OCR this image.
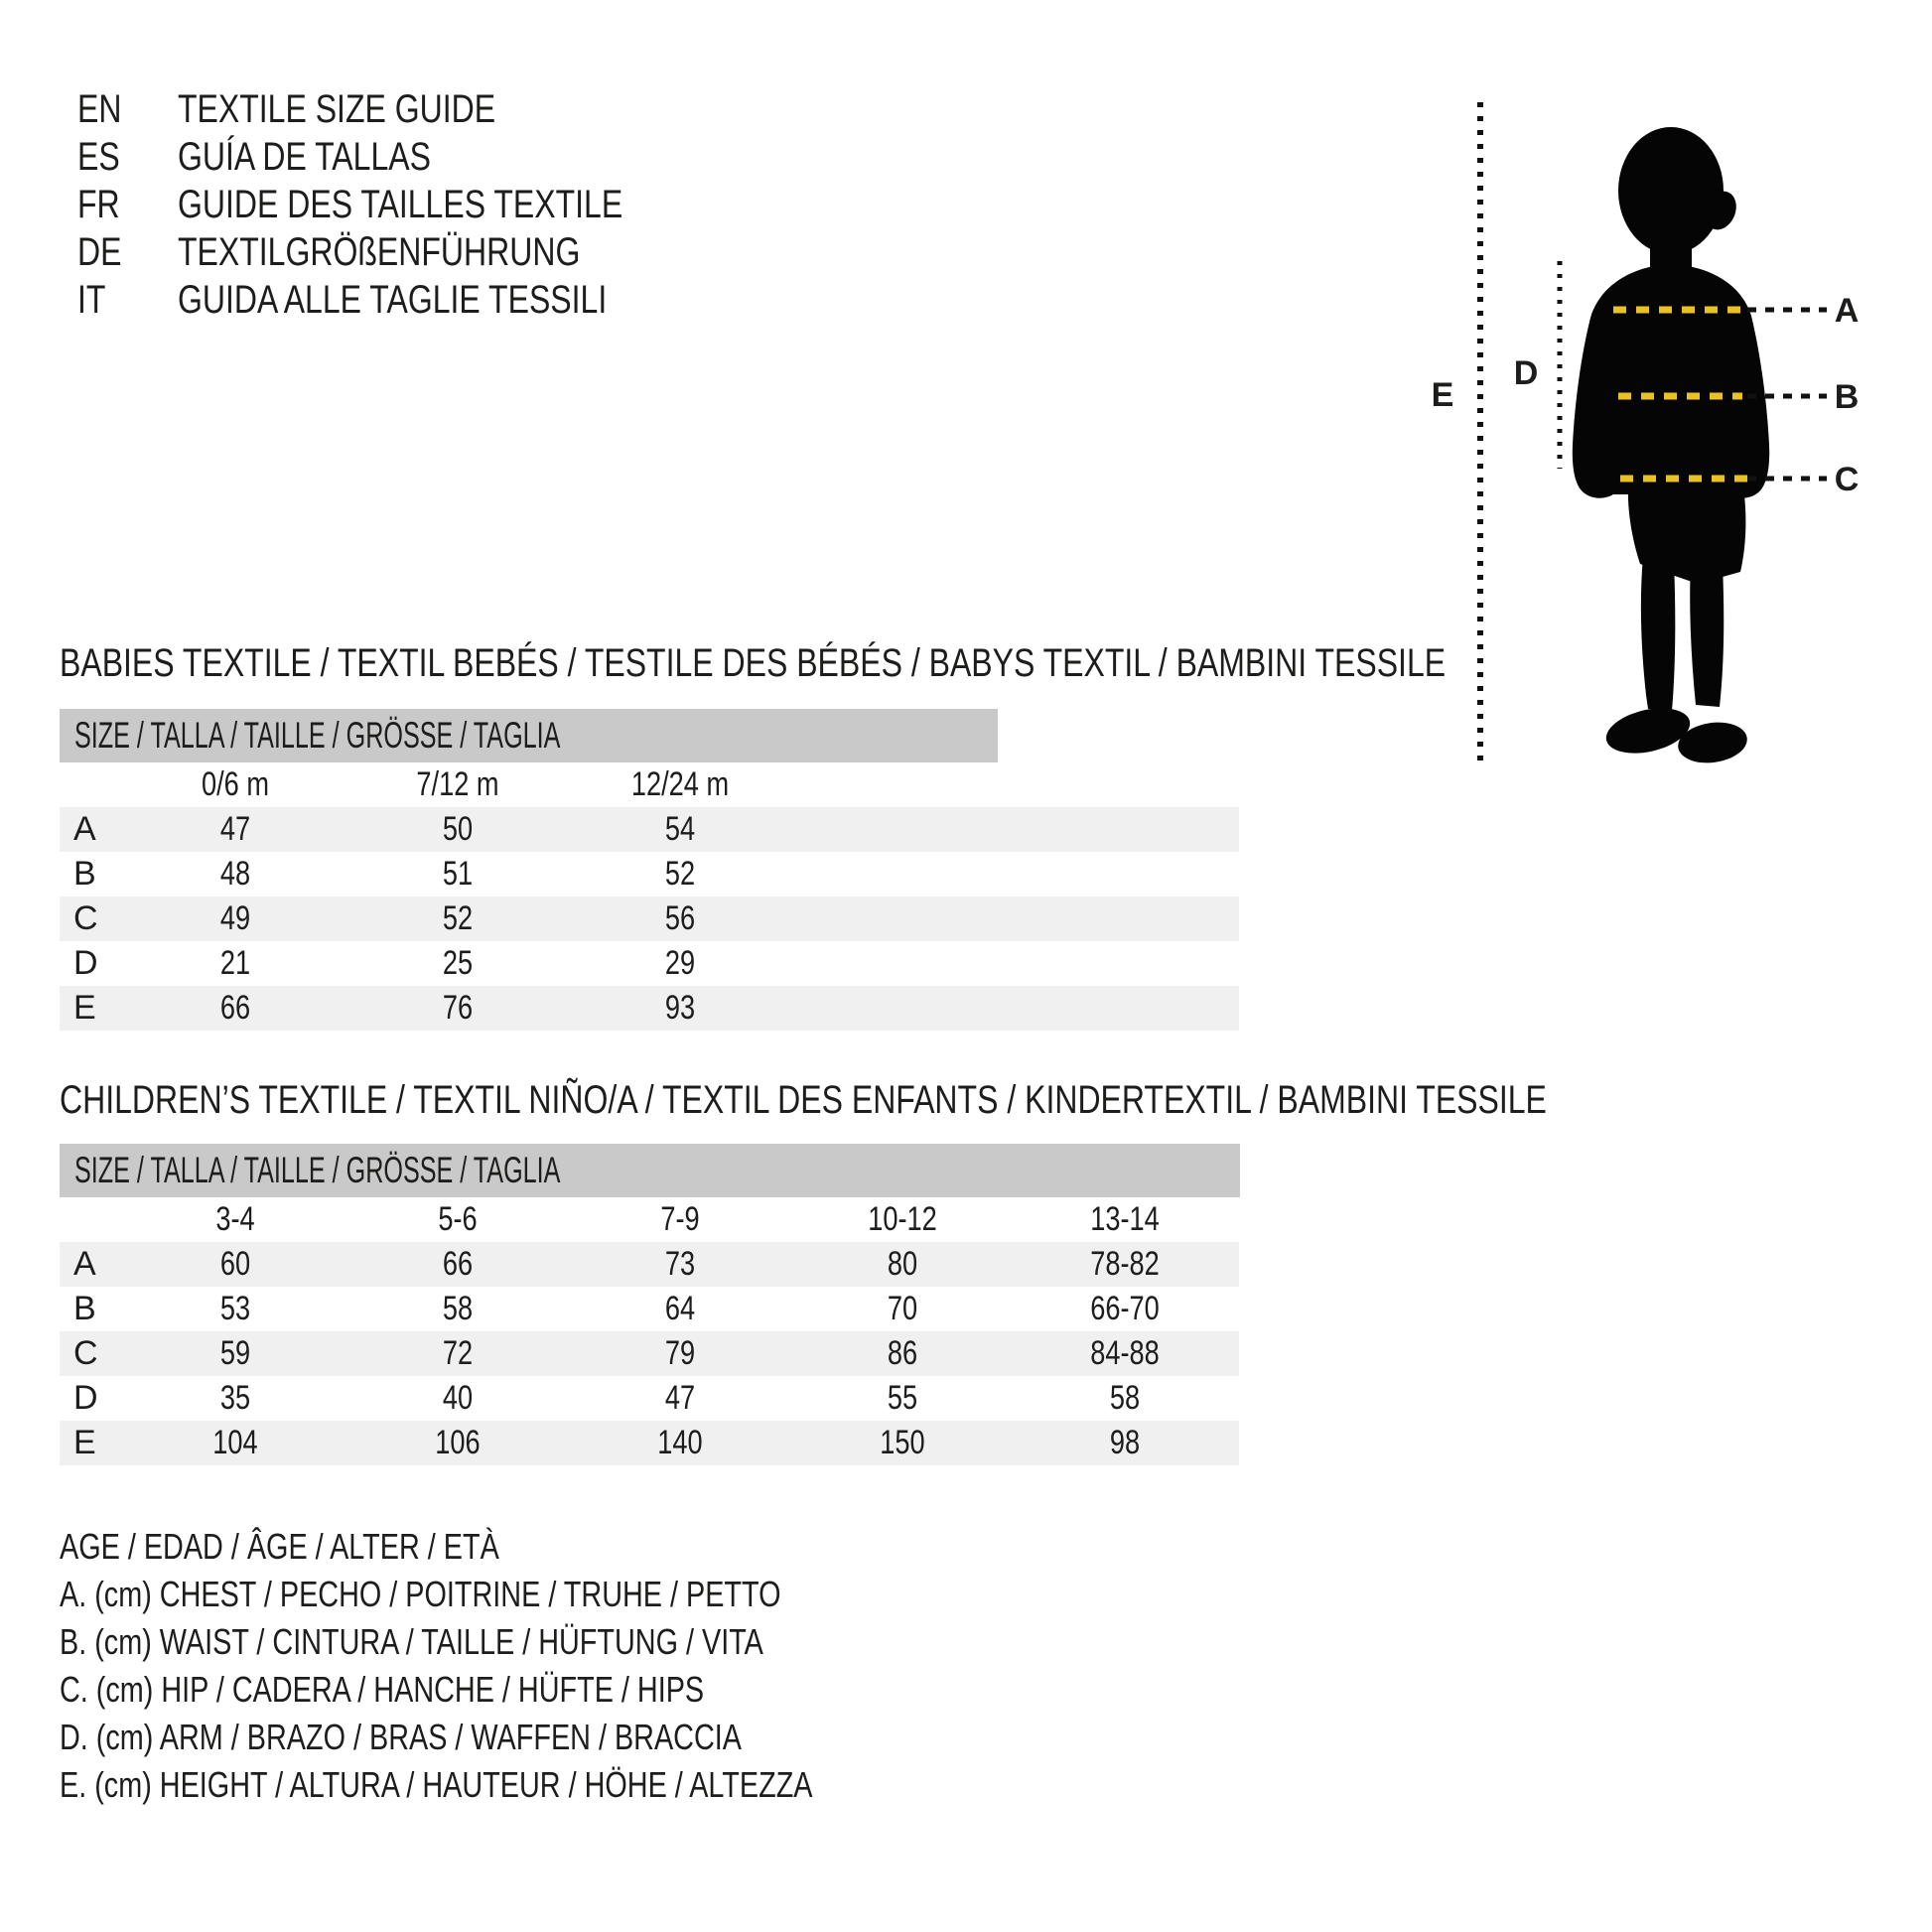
EN TEXTILE SIZE GUIDE
ES GUÍA DE TALLAS
FR GUIDE DES TAILLES TEXTILE
DE TEXTILGRÖßENFÜHRUNG
IT GUIDA ALLE TAGLIE TESSILI	A
B
C
D
E
BABIES TEXTILE / TEXTIL BEBÉS / TESTILE DES BÉBÉS / BABYS TEXTIL / BAMBINI TESSILE
SIZE / TALLA / TAILLE / GRÖSSE / TAGLIA
0/6 m	7/12 m	12/24 m
A	47	50	54
B	48	51	52
C	49	52	56
D	21	25	29
E	66	76	93
CHILDREN’S TEXTILE / TEXTIL NIÑO/A / TEXTIL DES ENFANTS / KINDERTEXTIL / BAMBINI TESSILE
SIZE / TALLA / TAILLE / GRÖSSE / TAGLIA
3-4	5-6	7-9	10-12	13-14
A	60	66	73	80	78-82
B	53	58	64	70	66-70
C	59	72	79	86	84-88
D	35	40	47	55	58
E	104	106	140	150	98
AGE / EDAD / ÂGE / ALTER / ETÀ
A. (cm) CHEST / PECHO / POITRINE / TRUHE / PETTO
B. (cm) WAIST / CINTURA / TAILLE / HÜFTUNG / VITA
C. (cm) HIP / CADERA / HANCHE / HÜFTE / HIPS
D. (cm) ARM / BRAZO / BRAS / WAFFEN / BRACCIA
E. (cm) HEIGHT / ALTURA / HAUTEUR / HÖHE / ALTEZZA
